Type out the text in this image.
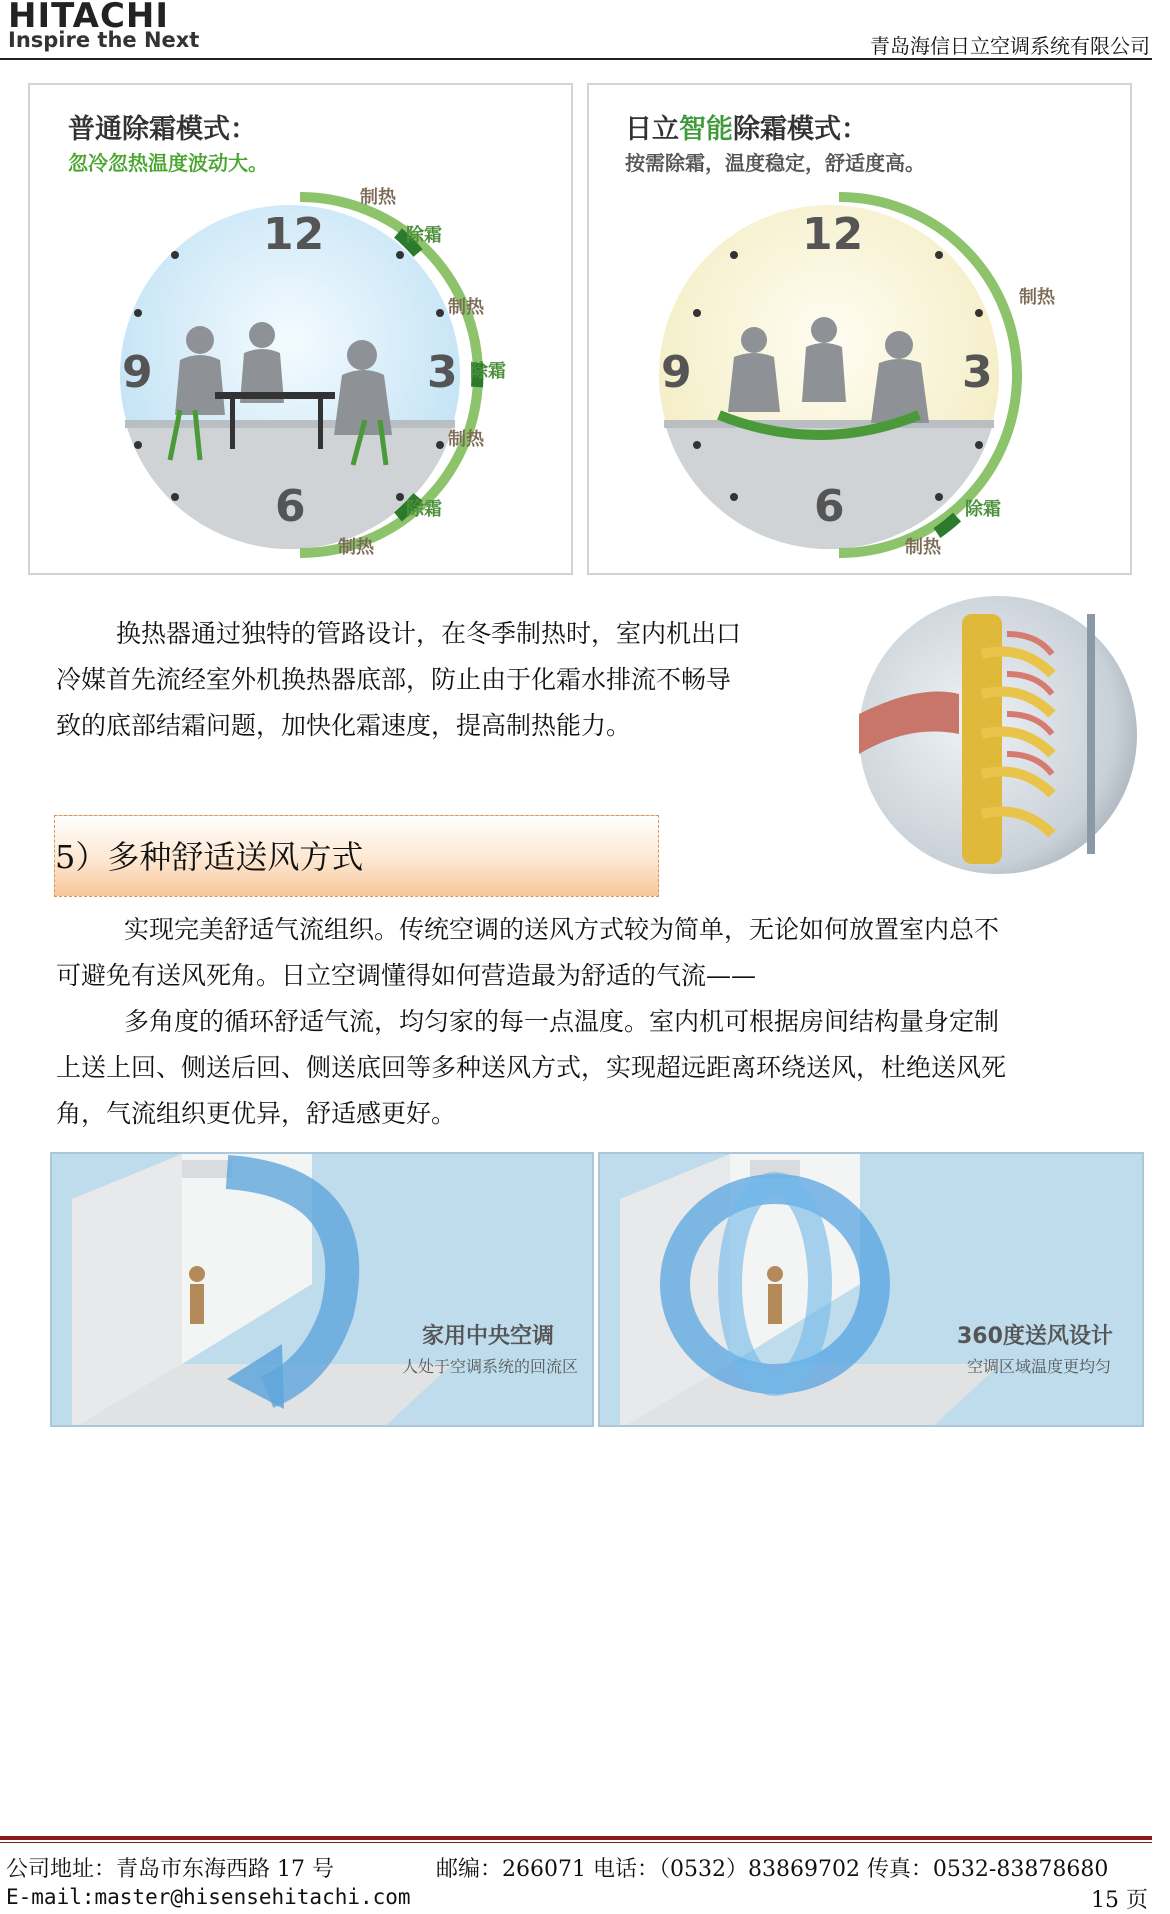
HITACHI
Inspire the Next	青岛海信日立空调系统有限公司
普通除霜模式：
忽冷忽热温度波动大。
12
3
6
9
制热
除霜
制热
除霜
制热
除霜
制热
日立智能除霜模式：
按需除霜，温度稳定，舒适度高。
12
3
6
9
制热
除霜
制热
换热器通过独特的管路设计，在冬季制热时，室内机出口
冷媒首先流经室外机换热器底部，防止由于化霜水排流不畅导
致的底部结霜问题，加快化霜速度，提高制热能力。
5）多种舒适送风方式
实现完美舒适气流组织。传统空调的送风方式较为简单，无论如何放置室内总不
可避免有送风死角。日立空调懂得如何营造最为舒适的气流——
多角度的循环舒适气流，均匀家的每一点温度。室内机可根据房间结构量身定制
上送上回、侧送后回、侧送底回等多种送风方式，实现超远距离环绕送风，杜绝送风死
角，气流组织更优异，舒适感更好。
家用中央空调
人处于空调系统的回流区
360度送风设计
空调区域温度更均匀
公司地址：青岛市东海西路 17 号	邮编：266071 电话：（0532）83869702 传真：0532-83878680
E-mail:master@hisensehitachi.com	15 页
